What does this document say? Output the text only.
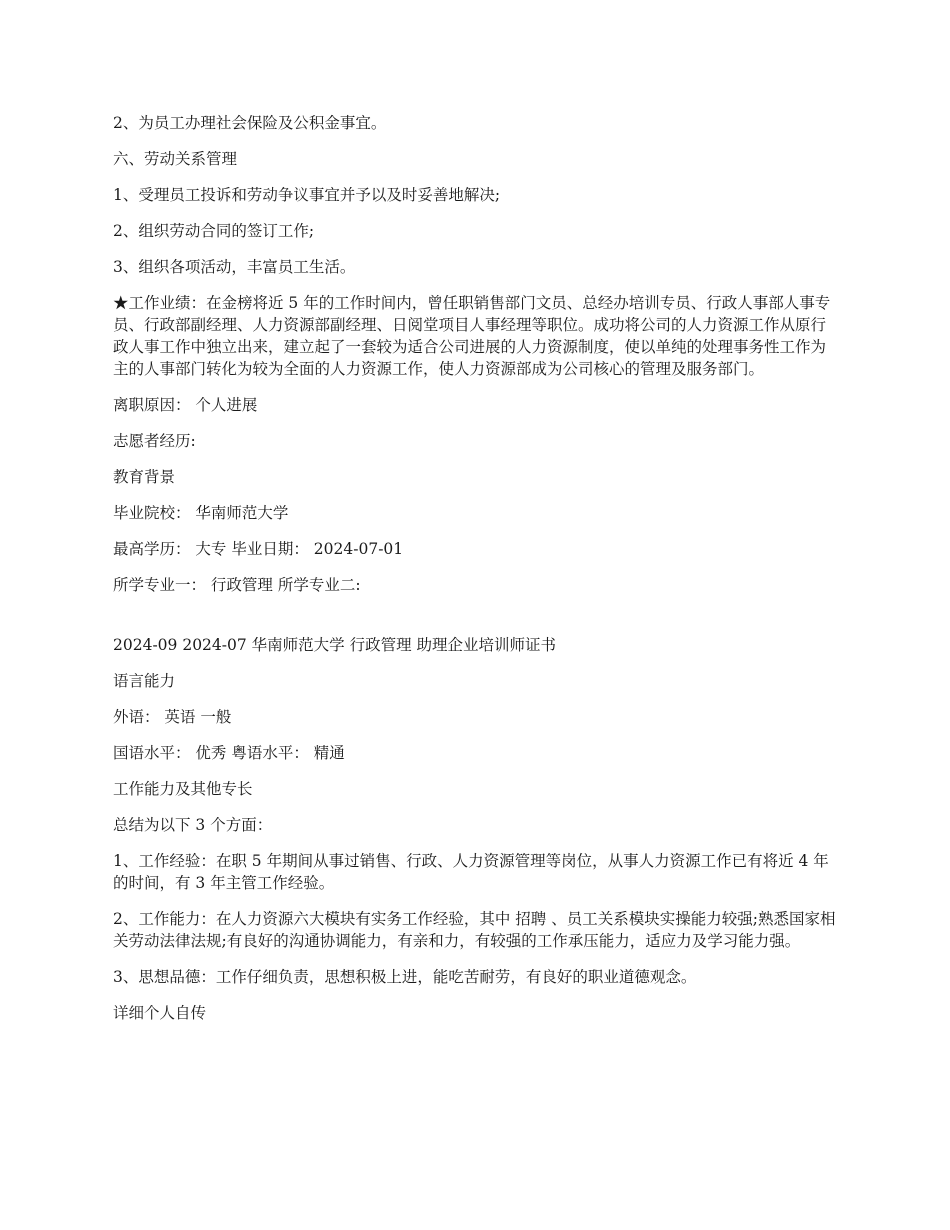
2、为员工办理社会保险及公积金事宜。

六、劳动关系管理

1、受理员工投诉和劳动争议事宜并予以及时妥善地解决;

2、组织劳动合同的签订工作;

3、组织各项活动，丰富员工生活。

★工作业绩：在金榜将近 5 年的工作时间内，曾任职销售部门文员、总经办培训专员、行政人事部人事专员、行政部副经理、人力资源部副经理、日阅堂项目人事经理等职位。成功将公司的人力资源工作从原行政人事工作中独立出来，建立起了一套较为适合公司进展的人力资源制度，使以单纯的处理事务性工作为主的人事部门转化为较为全面的人力资源工作，使人力资源部成为公司核心的管理及服务部门。

离职原因： 个人进展

志愿者经历:

教育背景

毕业院校： 华南师范大学

最高学历： 大专 毕业日期： 2024-07-01

所学专业一： 行政管理 所学专业二:

2024-09 2024-07 华南师范大学 行政管理 助理企业培训师证书

语言能力

外语： 英语 一般

国语水平： 优秀 粤语水平： 精通

工作能力及其他专长

总结为以下 3 个方面：

1、工作经验：在职 5 年期间从事过销售、行政、人力资源管理等岗位，从事人力资源工作已有将近 4 年的时间，有 3 年主管工作经验。

2、工作能力：在人力资源六大模块有实务工作经验，其中 招聘 、员工关系模块实操能力较强;熟悉国家相关劳动法律法规;有良好的沟通协调能力，有亲和力，有较强的工作承压能力，适应力及学习能力强。

3、思想品德：工作仔细负责，思想积极上进，能吃苦耐劳，有良好的职业道德观念。

详细个人自传
